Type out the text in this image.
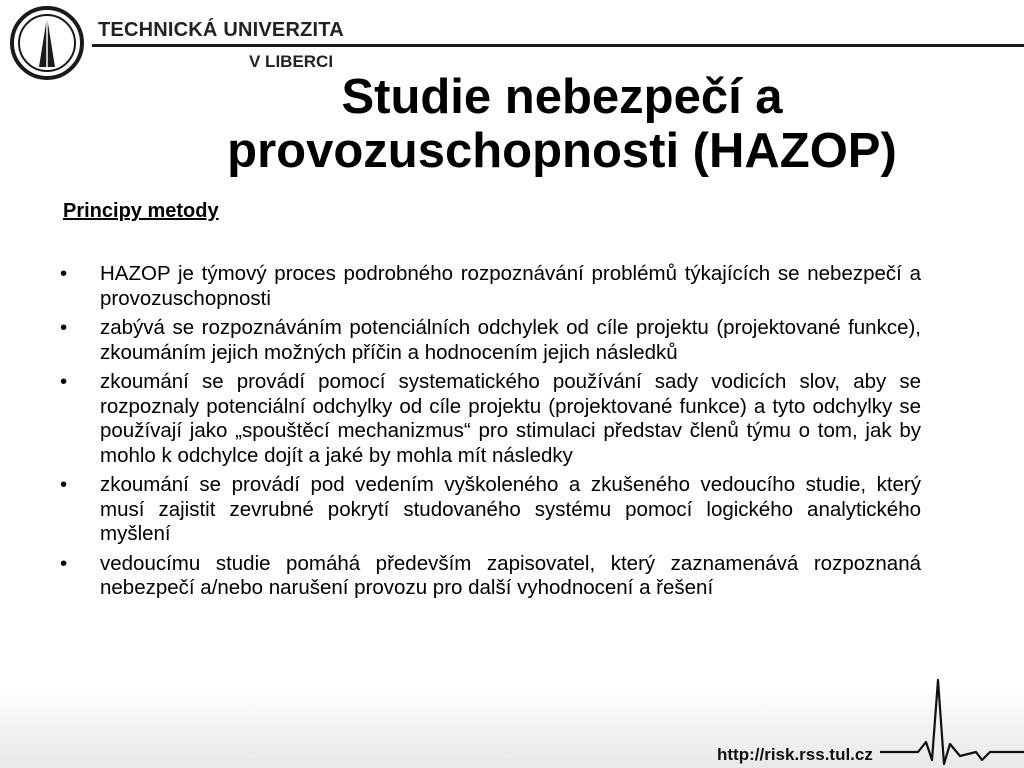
TECHNICKÁ UNIVERZITA
V LIBERCI
Studie nebezpečí a
provozuschopnosti (HAZOP)
Principy metody
• HAZOP je týmový proces podrobného rozpoznávání problémů týkajících se nebezpečí a provozuschopnosti
• zabývá se rozpoznáváním potenciálních odchylek od cíle projektu (projektované funkce), zkoumáním jejich možných příčin a hodnocením jejich následků
• zkoumání se provádí pomocí systematického používání sady vodicích slov, aby se rozpoznaly potenciální odchylky od cíle projektu (projektované funkce) a tyto odchylky se používají jako „spouštěcí mechanizmus“ pro stimulaci představ členů týmu o tom, jak by mohlo k odchylce dojít a jaké by mohla mít následky
• zkoumání se provádí pod vedením vyškoleného a zkušeného vedoucího studie, který musí zajistit zevrubné pokrytí studovaného systému pomocí logického analytického myšlení
• vedoucímu studie pomáhá především zapisovatel, který zaznamenává rozpoznaná nebezpečí a/nebo narušení provozu pro další vyhodnocení a řešení
http://risk.rss.tul.cz
